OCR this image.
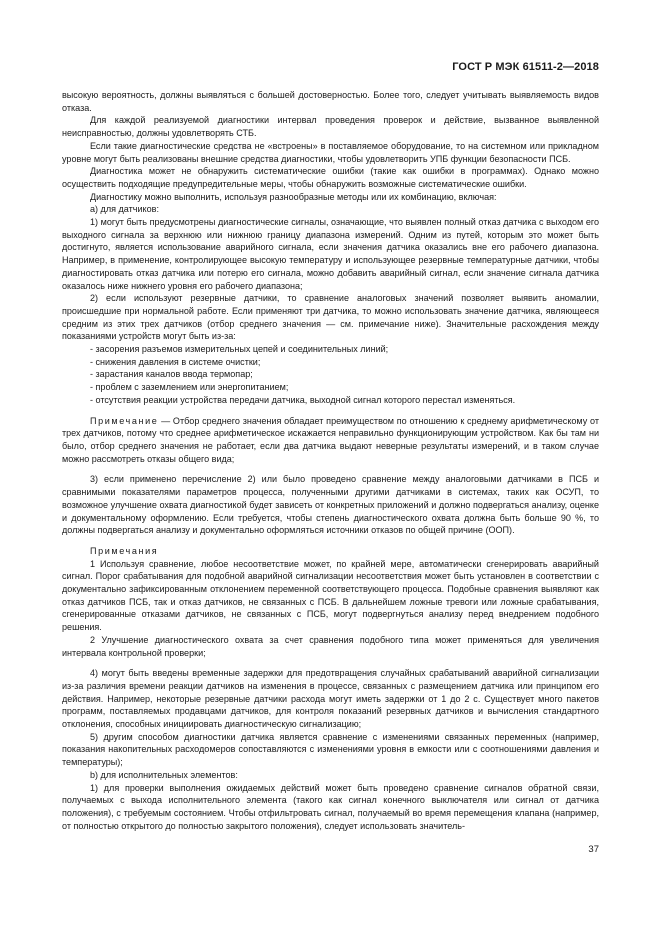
ГОСТ Р МЭК 61511-2—2018

высокую вероятность, должны выявляться с большей достоверностью. Более того, следует учитывать выявляемость видов отказа.

Для каждой реализуемой диагностики интервал проведения проверок и действие, вызванное выявленной неисправностью, должны удовлетворять СТБ.

Если такие диагностические средства не «встроены» в поставляемое оборудование, то на системном или прикладном уровне могут быть реализованы внешние средства диагностики, чтобы удовлетворить УПБ функции безопасности ПСБ.

Диагностика может не обнаружить систематические ошибки (такие как ошибки в программах). Однако можно осуществить подходящие предупредительные меры, чтобы обнаружить возможные систематические ошибки.

Диагностику можно выполнить, используя разнообразные методы или их комбинацию, включая:

а) для датчиков:

1) могут быть предусмотрены диагностические сигналы, означающие, что выявлен полный отказ датчика с выходом его выходного сигнала за верхнюю или нижнюю границу диапазона измерений. Одним из путей, которым это может быть достигнуто, является использование аварийного сигнала, если значения датчика оказались вне его рабочего диапазона. Например, в применение, контролирующее высокую температуру и использующее резервные температурные датчики, чтобы диагностировать отказ датчика или потерю его сигнала, можно добавить аварийный сигнал, если значение сигнала датчика оказалось ниже нижнего уровня его рабочего диапазона;

2) если используют резервные датчики, то сравнение аналоговых значений позволяет выявить аномалии, происшедшие при нормальной работе. Если применяют три датчика, то можно использовать значение датчика, являющееся средним из этих трех датчиков (отбор среднего значения — см. примечание ниже). Значительные расхождения между показаниями устройств могут быть из-за:

- засорения разъемов измерительных цепей и соединительных линий;

- снижения давления в системе очистки;

- зарастания каналов ввода термопар;

- проблем с заземлением или энергопитанием;

- отсутствия реакции устройства передачи датчика, выходной сигнал которого перестал изменяться.

Примечание — Отбор среднего значения обладает преимуществом по отношению к среднему арифметическому от трех датчиков, потому что среднее арифметическое искажается неправильно функционирующим устройством. Как бы там ни было, отбор среднего значения не работает, если два датчика выдают неверные результаты измерений, и в таком случае можно рассмотреть отказы общего вида;

3) если применено перечисление 2) или было проведено сравнение между аналоговыми датчиками в ПСБ и сравнимыми показателями параметров процесса, полученными другими датчиками в системах, таких как ОСУП, то возможное улучшение охвата диагностикой будет зависеть от конкретных приложений и должно подвергаться анализу, оценке и документальному оформлению. Если требуется, чтобы степень диагностического охвата должна быть больше 90 %, то должны подвергаться анализу и документально оформляться источники отказов по общей причине (ООП).

Примечания

1 Используя сравнение, любое несоответствие может, по крайней мере, автоматически сгенерировать аварийный сигнал. Порог срабатывания для подобной аварийной сигнализации несоответствия может быть установлен в соответствии с документально зафиксированным отклонением переменной соответствующего процесса. Подобные сравнения выявляют как отказ датчиков ПСБ, так и отказ датчиков, не связанных с ПСБ. В дальнейшем ложные тревоги или ложные срабатывания, сгенерированные отказами датчиков, не связанных с ПСБ, могут подвергнуться анализу перед внедрением подобного решения.

2 Улучшение диагностического охвата за счет сравнения подобного типа может применяться для увеличения интервала контрольной проверки;

4) могут быть введены временные задержки для предотвращения случайных срабатываний аварийной сигнализации из-за различия времени реакции датчиков на изменения в процессе, связанных с размещением датчика или принципом его действия. Например, некоторые резервные датчики расхода могут иметь задержки от 1 до 2 с. Существует много пакетов программ, поставляемых продавцами датчиков, для контроля показаний резервных датчиков и вычисления стандартного отклонения, способных инициировать диагностическую сигнализацию;

5) другим способом диагностики датчика является сравнение с изменениями связанных переменных (например, показания накопительных расходомеров сопоставляются с изменениями уровня в емкости или с соотношениями давления и температуры);

b) для исполнительных элементов:

1) для проверки выполнения ожидаемых действий может быть проведено сравнение сигналов обратной связи, получаемых с выхода исполнительного элемента (такого как сигнал конечного выключателя или сигнал от датчика положения), с требуемым состоянием. Чтобы отфильтровать сигнал, получаемый во время перемещения клапана (например, от полностью открытого до полностью закрытого положения), следует использовать значитель-

37
